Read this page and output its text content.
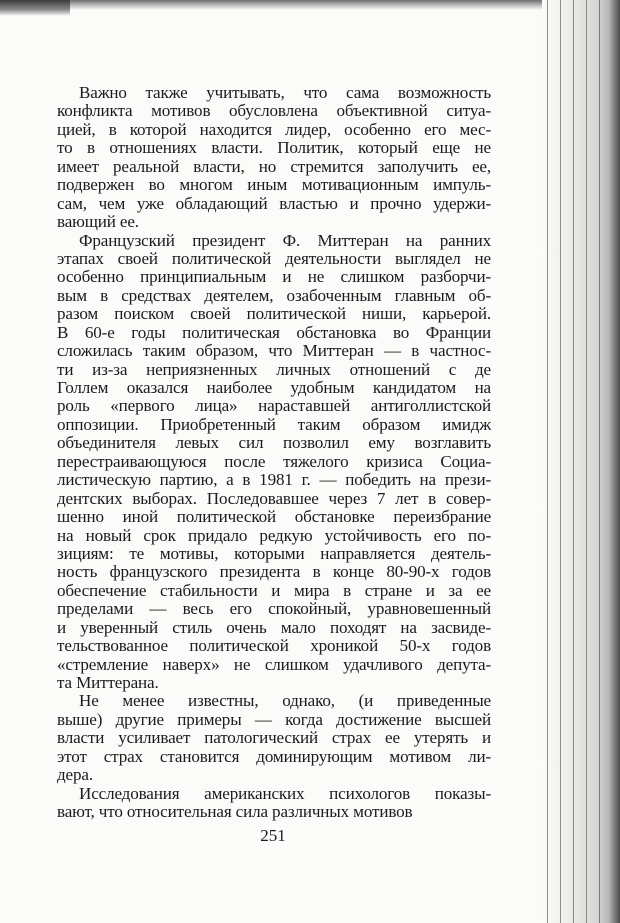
Важно также учитывать, что сама возможность
конфликта мотивов обусловлена объективной ситуа-
цией, в которой находится лидер, особенно его мес-
то в отношениях власти. Политик, который еще не
имеет реальной власти, но стремится заполучить ее,
подвержен во многом иным мотивационным импуль-
сам, чем уже обладающий властью и прочно удержи-
вающий ее.

Французский президент Ф. Миттеран на ранних
этапах своей политической деятельности выглядел не
особенно принципиальным и не слишком разборчи-
вым в средствах деятелем, озабоченным главным об-
разом поиском своей политической ниши, карьерой.
В 60-е годы политическая обстановка во Франции
сложилась таким образом, что Миттеран — в частнос-
ти из-за неприязненных личных отношений с де
Голлем оказался наиболее удобным кандидатом на
роль «первого лица» нараставшей антиголлистской
оппозиции. Приобретенный таким образом имидж
объединителя левых сил позволил ему возглавить
перестраивающуюся после тяжелого кризиса Социа-
листическую партию, а в 1981 г. — победить на прези-
дентских выборах. Последовавшее через 7 лет в совер-
шенно иной политической обстановке переизбрание
на новый срок придало редкую устойчивость его по-
зициям: те мотивы, которыми направляется деятель-
ность французского президента в конце 80-90-х годов
обеспечение стабильности и мира в стране и за ее
пределами — весь его спокойный, уравновешенный
и уверенный стиль очень мало походят на засвиде-
тельствованное политической хроникой 50-х годов
«стремление наверх» не слишком удачливого депута-
та Миттерана.

Не менее известны, однако, (и приведенные
выше) другие примеры — когда достижение высшей
власти усиливает патологический страх ее утерять и
этот страх становится доминирующим мотивом ли-
дера.

Исследования американских психологов показы-
вают, что относительная сила различных мотивов

251
